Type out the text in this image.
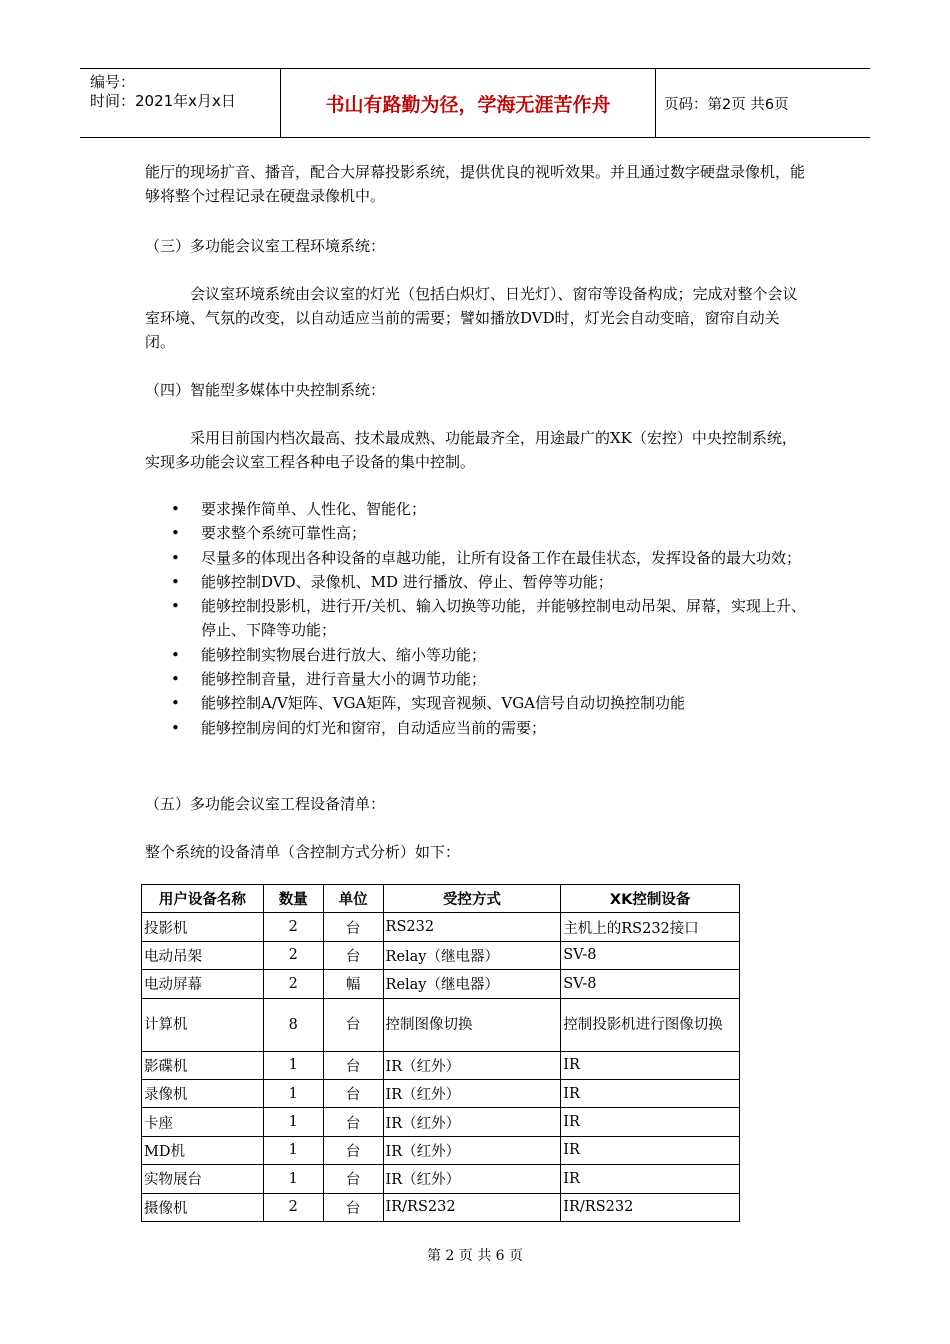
编号：
时间：2021年x月x日	书山有路勤为径，学海无涯苦作舟	页码：第2页 共6页
能厅的现场扩音、播音，配合大屏幕投影系统，提供优良的视听效果。并且通过数字硬盘录像机，能够将整个过程记录在硬盘录像机中。
（三）多功能会议室工程环境系统：
会议室环境系统由会议室的灯光（包括白炽灯、日光灯）、窗帘等设备构成；完成对整个会议室环境、气氛的改变，以自动适应当前的需要；譬如播放DVD时，灯光会自动变暗，窗帘自动关闭。
（四）智能型多媒体中央控制系统：
采用目前国内档次最高、技术最成熟、功能最齐全，用途最广的XK（宏控）中央控制系统，实现多功能会议室工程各种电子设备的集中控制。
• 要求操作简单、人性化、智能化；
• 要求整个系统可靠性高；
• 尽量多的体现出各种设备的卓越功能，让所有设备工作在最佳状态，发挥设备的最大功效；
• 能够控制DVD、录像机、MD 进行播放、停止、暂停等功能；
• 能够控制投影机，进行开/关机、输入切换等功能，并能够控制电动吊架、屏幕，实现上升、停止、下降等功能；
• 能够控制实物展台进行放大、缩小等功能；
• 能够控制音量，进行音量大小的调节功能；
• 能够控制A/V矩阵、VGA矩阵，实现音视频、VGA信号自动切换控制功能
• 能够控制房间的灯光和窗帘，自动适应当前的需要；
（五）多功能会议室工程设备清单：
整个系统的设备清单（含控制方式分析）如下：
用户设备名称	数量	单位	受控方式	XK控制设备
投影机	2	台	RS232	主机上的RS232接口
电动吊架	2	台	Relay（继电器）	SV-8
电动屏幕	2	幅	Relay（继电器）	SV-8
计算机	8	台	控制图像切换	控制投影机进行图像切换
影碟机	1	台	IR（红外）	IR
录像机	1	台	IR（红外）	IR
卡座	1	台	IR（红外）	IR
MD机	1	台	IR（红外）	IR
实物展台	1	台	IR（红外）	IR
摄像机	2	台	IR/RS232	IR/RS232
第 2 页 共 6 页
